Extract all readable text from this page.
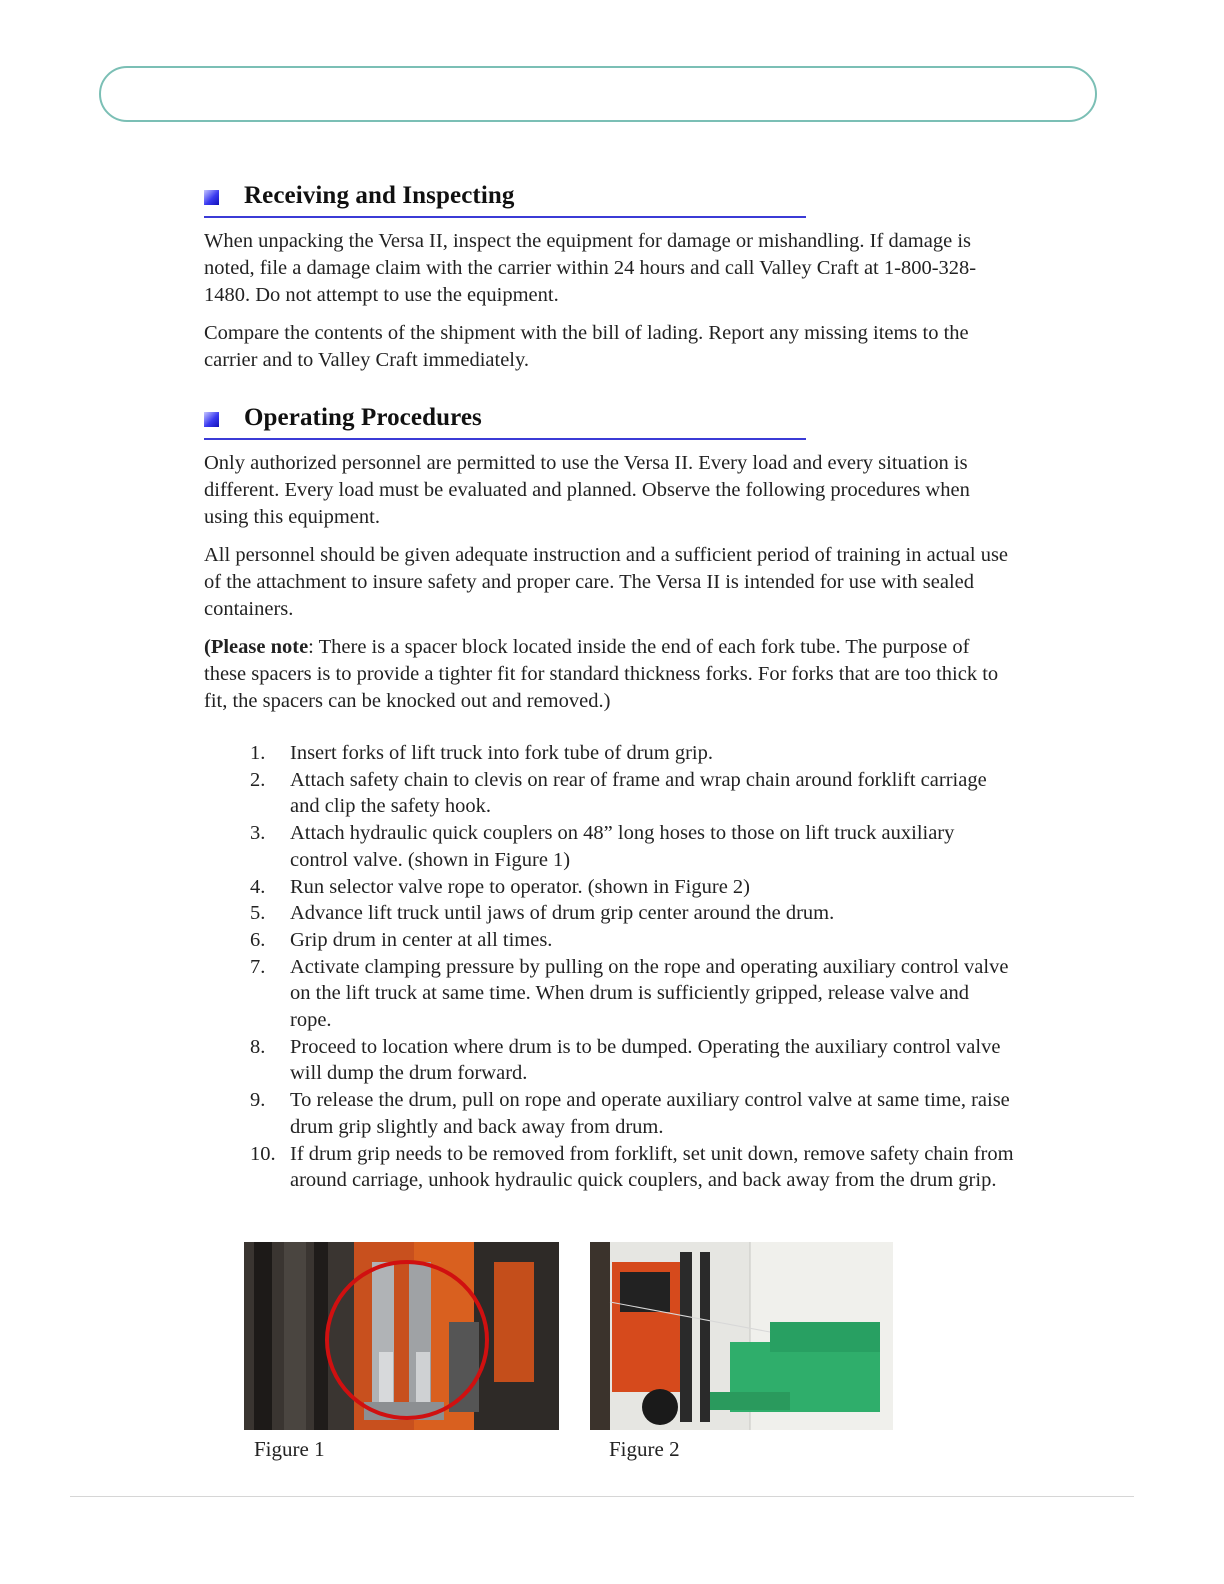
Receiving and Inspecting

When unpacking the Versa II, inspect the equipment for damage or mishandling. If damage is noted, file a damage claim with the carrier within 24 hours and call Valley Craft at 1-800-328-1480. Do not attempt to use the equipment.

Compare the contents of the shipment with the bill of lading. Report any missing items to the carrier and to Valley Craft immediately.

Operating Procedures

Only authorized personnel are permitted to use the Versa II. Every load and every situation is different. Every load must be evaluated and planned. Observe the following procedures when using this equipment.

All personnel should be given adequate instruction and a sufficient period of training in actual use of the attachment to insure safety and proper care. The Versa II is intended for use with sealed containers.

(Please note: There is a spacer block located inside the end of each fork tube. The purpose of these spacers is to provide a tighter fit for standard thickness forks. For forks that are too thick to fit, the spacers can be knocked out and removed.)

1.	Insert forks of lift truck into fork tube of drum grip.
2.	Attach safety chain to clevis on rear of frame and wrap chain around forklift carriage and clip the safety hook.
3.	Attach hydraulic quick couplers on 48” long hoses to those on lift truck auxiliary control valve. (shown in Figure 1)
4.	Run selector valve rope to operator. (shown in Figure 2)
5.	Advance lift truck until jaws of drum grip center around the drum.
6.	Grip drum in center at all times.
7.	Activate clamping pressure by pulling on the rope and operating auxiliary control valve on the lift truck at same time. When drum is sufficiently gripped, release valve and rope.
8.	Proceed to location where drum is to be dumped. Operating the auxiliary control valve will dump the drum forward.
9.	To release the drum, pull on rope and operate auxiliary control valve at same time, raise drum grip slightly and back away from drum.
10. If drum grip needs to be removed from forklift, set unit down, remove safety chain from around carriage, unhook hydraulic quick couplers, and back away from the drum grip.
Figure 1	Figure 2
